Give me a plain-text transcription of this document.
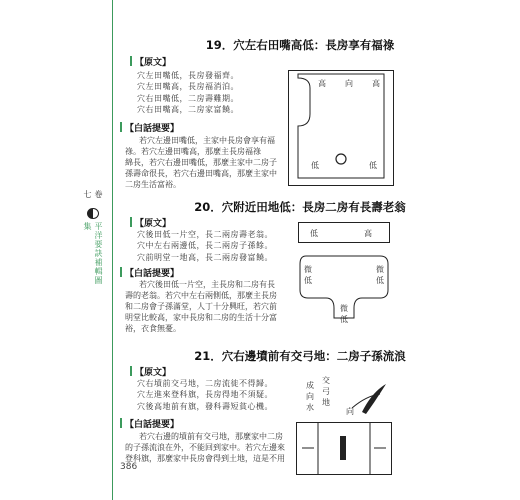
卷七
平洋要訣補輯圖集
19．穴左右田嘴高低：長房享有福祿
【原文】
穴左田嘴低，長房發福齊。
穴左田嘴高，長房福消泊。
穴右田嘴低，二房壽難期。
穴右田嘴高，二房家富饒。
【白話提要】
若穴左邊田嘴低，主家中長房會享有福
祿。若穴左邊田嘴高，那麼主長房福祿
綿長，若穴右邊田嘴低，那麼主家中二房子
孫壽命很長，若穴右邊田嘴高，那麼主家中
二房生活富裕。
高 向 高
低	低
20．穴附近田地低：長房二房有長壽老翁
【原文】
穴後田低一片空，長二兩房壽老翁。
穴中左右兩邊低，長二兩房子孫餘。
穴前明堂一地高，長二兩房發富饒。
【白話提要】
若穴後田低一片空，主長房和二房有長
壽的老翁。若穴中左右兩側低，那麼主長房
和二房會子孫滿堂，人丁十分興旺，若穴前
明堂比較高，家中長房和二房的生活十分富
裕，衣食無憂。
低	高
微
低
微
低
微
低
21．穴右邊墳前有交弓地：二房子孫流浪
【原文】
穴右墳前交弓地，二房流徙不得歸。
穴左進來登科旗，長房得地不須疑。
穴後高地前有旗，發科壽短貧心機。
【白話提要】
若穴右邊的墳前有交弓地，那麼家中二房
的子孫流浪在外，不能回到家中。若穴左邊來
登科旗，那麼家中長房會得到土地，這是不用
成
向
水
交
弓
地
向
386
